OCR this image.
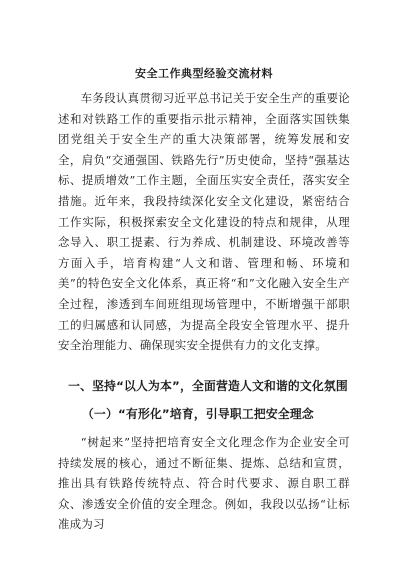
安全工作典型经验交流材料

车务段认真贯彻习近平总书记关于安全生产的重要论述和对铁路工作的重要指示批示精神，全面落实国铁集团党组关于安全生产的重大决策部署，统筹发展和安全，肩负“交通强国、铁路先行”历史使命，坚持“强基达标、提质增效”工作主题，全面压实安全责任，落实安全措施。近年来，我段持续深化安全文化建设，紧密结合工作实际，积极探索安全文化建设的特点和规律，从理念导入、职工提素、行为养成、机制建设、环境改善等方面入手，培育构建“人文和谐、管理和畅、环境和美”的特色安全文化体系，真正将“和”文化融入安全生产全过程，渗透到车间班组现场管理中，不断增强干部职工的归属感和认同感，为提高全段安全管理水平、提升安全治理能力、确保现实安全提供有力的文化支撑。

一、坚持“以人为本”，全面营造人文和谐的文化氛围
（一）“有形化”培育，引导职工把安全理念

“树起来”坚持把培育安全文化理念作为企业安全可持续发展的核心，通过不断征集、提炼、总结和宣贯，推出具有铁路传统特点、符合时代要求、源自职工群众、渗透安全价值的安全理念。例如，我段以弘扬“让标准成为习
